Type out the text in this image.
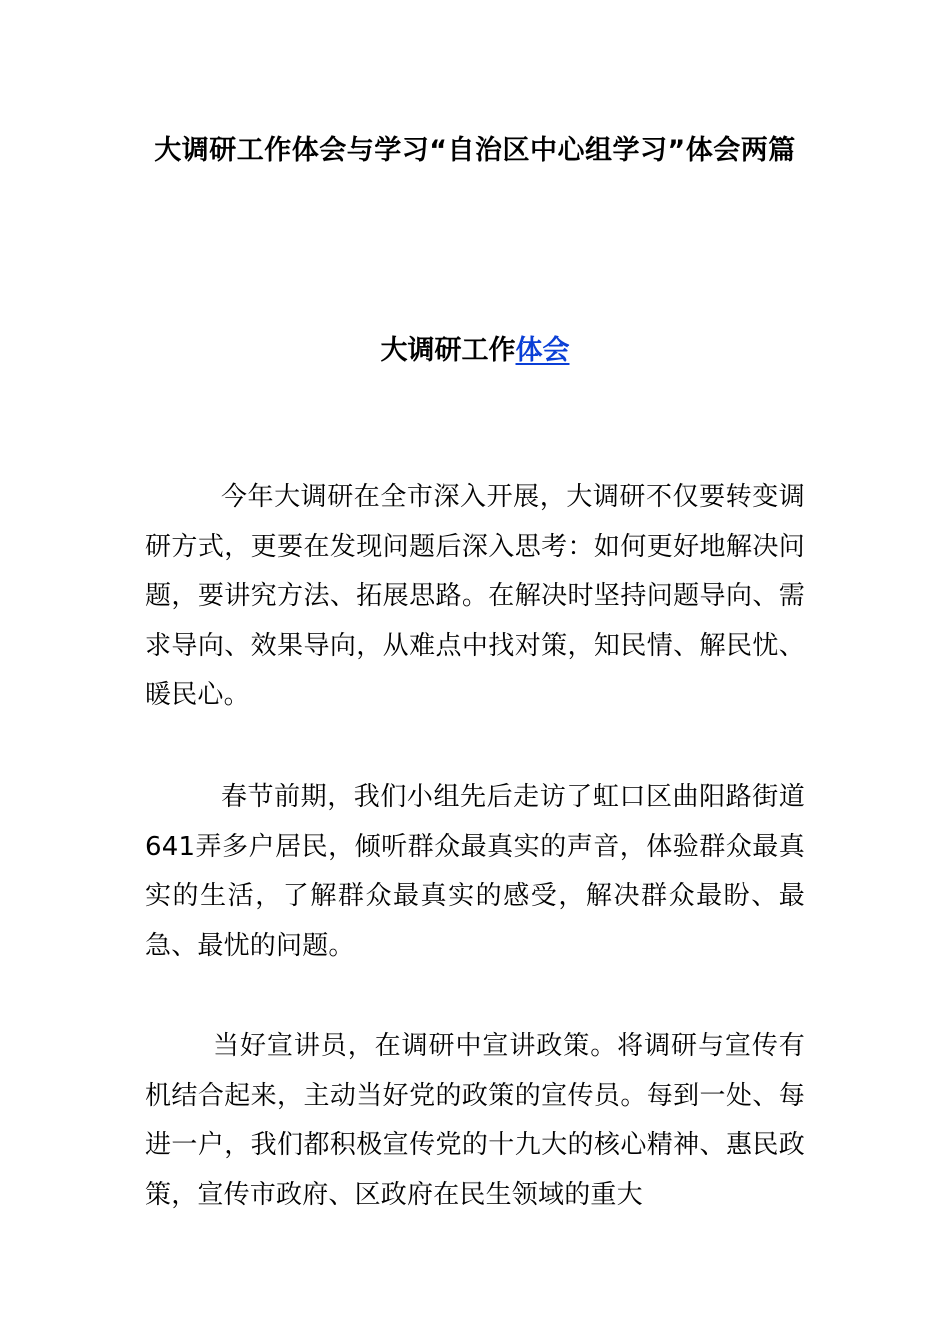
大调研工作体会与学习“自治区中心组学习”体会两篇
大调研工作体会

今年大调研在全市深入开展，大调研不仅要转变调研方式，更要在发现问题后深入思考：如何更好地解决问题，要讲究方法、拓展思路。在解决时坚持问题导向、需求导向、效果导向，从难点中找对策，知民情、解民忧、暖民心。

春节前期，我们小组先后走访了虹口区曲阳路街道641弄多户居民，倾听群众最真实的声音，体验群众最真实的生活，了解群众最真实的感受，解决群众最盼、最急、最忧的问题。

当好宣讲员，在调研中宣讲政策。将调研与宣传有机结合起来，主动当好党的政策的宣传员。每到一处、每进一户，我们都积极宣传党的十九大的核心精神、惠民政策，宣传市政府、区政府在民生领域的重大
